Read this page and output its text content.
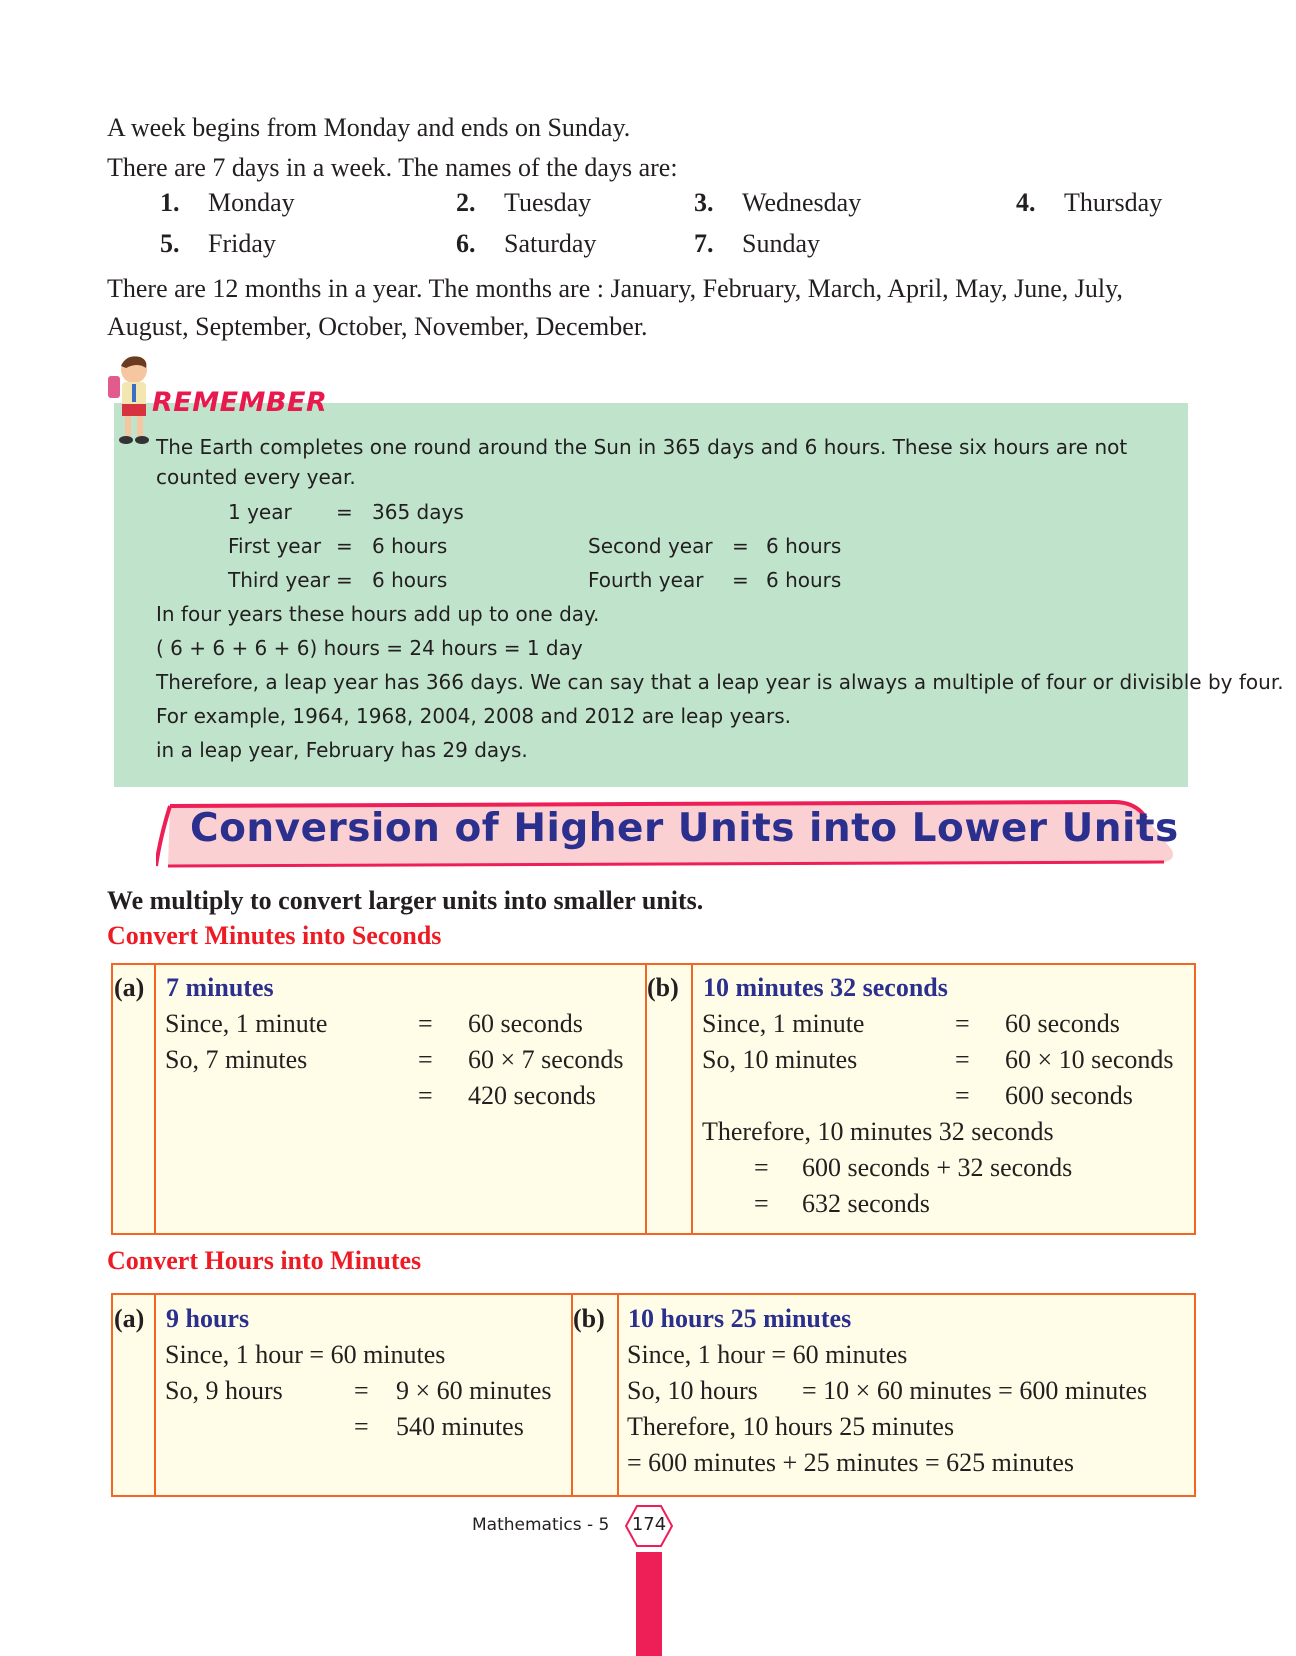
A week begins from Monday and ends on Sunday.

There are 7 days in a week. The names of the days are:

1. Monday	2. Tuesday	3. Wednesday	4. Thursday
5. Friday	6. Saturday	7. Sunday
There are 12 months in a year. The months are : January, February, March, April, May, June, July, August, September, October, November, December.
REMEMBER
The Earth completes one round around the Sun in 365 days and 6 hours. These six hours are not counted every year.
1 year = 365 days
First year = 6 hours	Second year = 6 hours
Third year = 6 hours	Fourth year = 6 hours
In four years these hours add up to one day.
( 6 + 6 + 6 + 6) hours = 24 hours = 1 day
Therefore, a leap year has 366 days. We can say that a leap year is always a multiple of four or divisible by four.
For example, 1964, 1968, 2004, 2008 and 2012 are leap years.
in a leap year, February has 29 days.
Conversion of Higher Units into Lower Units
We multiply to convert larger units into smaller units.
Convert Minutes into Seconds
(a) 7 minutes
Since, 1 minute	= 60 seconds
So, 7 minutes	= 60 × 7 seconds
= 420 seconds
(b) 10 minutes 32 seconds
Since, 1 minute	= 60 seconds
So, 10 minutes	= 60 × 10 seconds
= 600 seconds
Therefore, 10 minutes 32 seconds
= 600 seconds + 32 seconds
= 632 seconds
Convert Hours into Minutes
(a) 9 hours
Since, 1 hour = 60 minutes
So, 9 hours	= 9 × 60 minutes
= 540 minutes
(b) 10 hours 25 minutes
Since, 1 hour = 60 minutes
So, 10 hours = 10 × 60 minutes = 600 minutes
Therefore, 10 hours 25 minutes
= 600 minutes + 25 minutes = 625 minutes
Mathematics - 5	174
